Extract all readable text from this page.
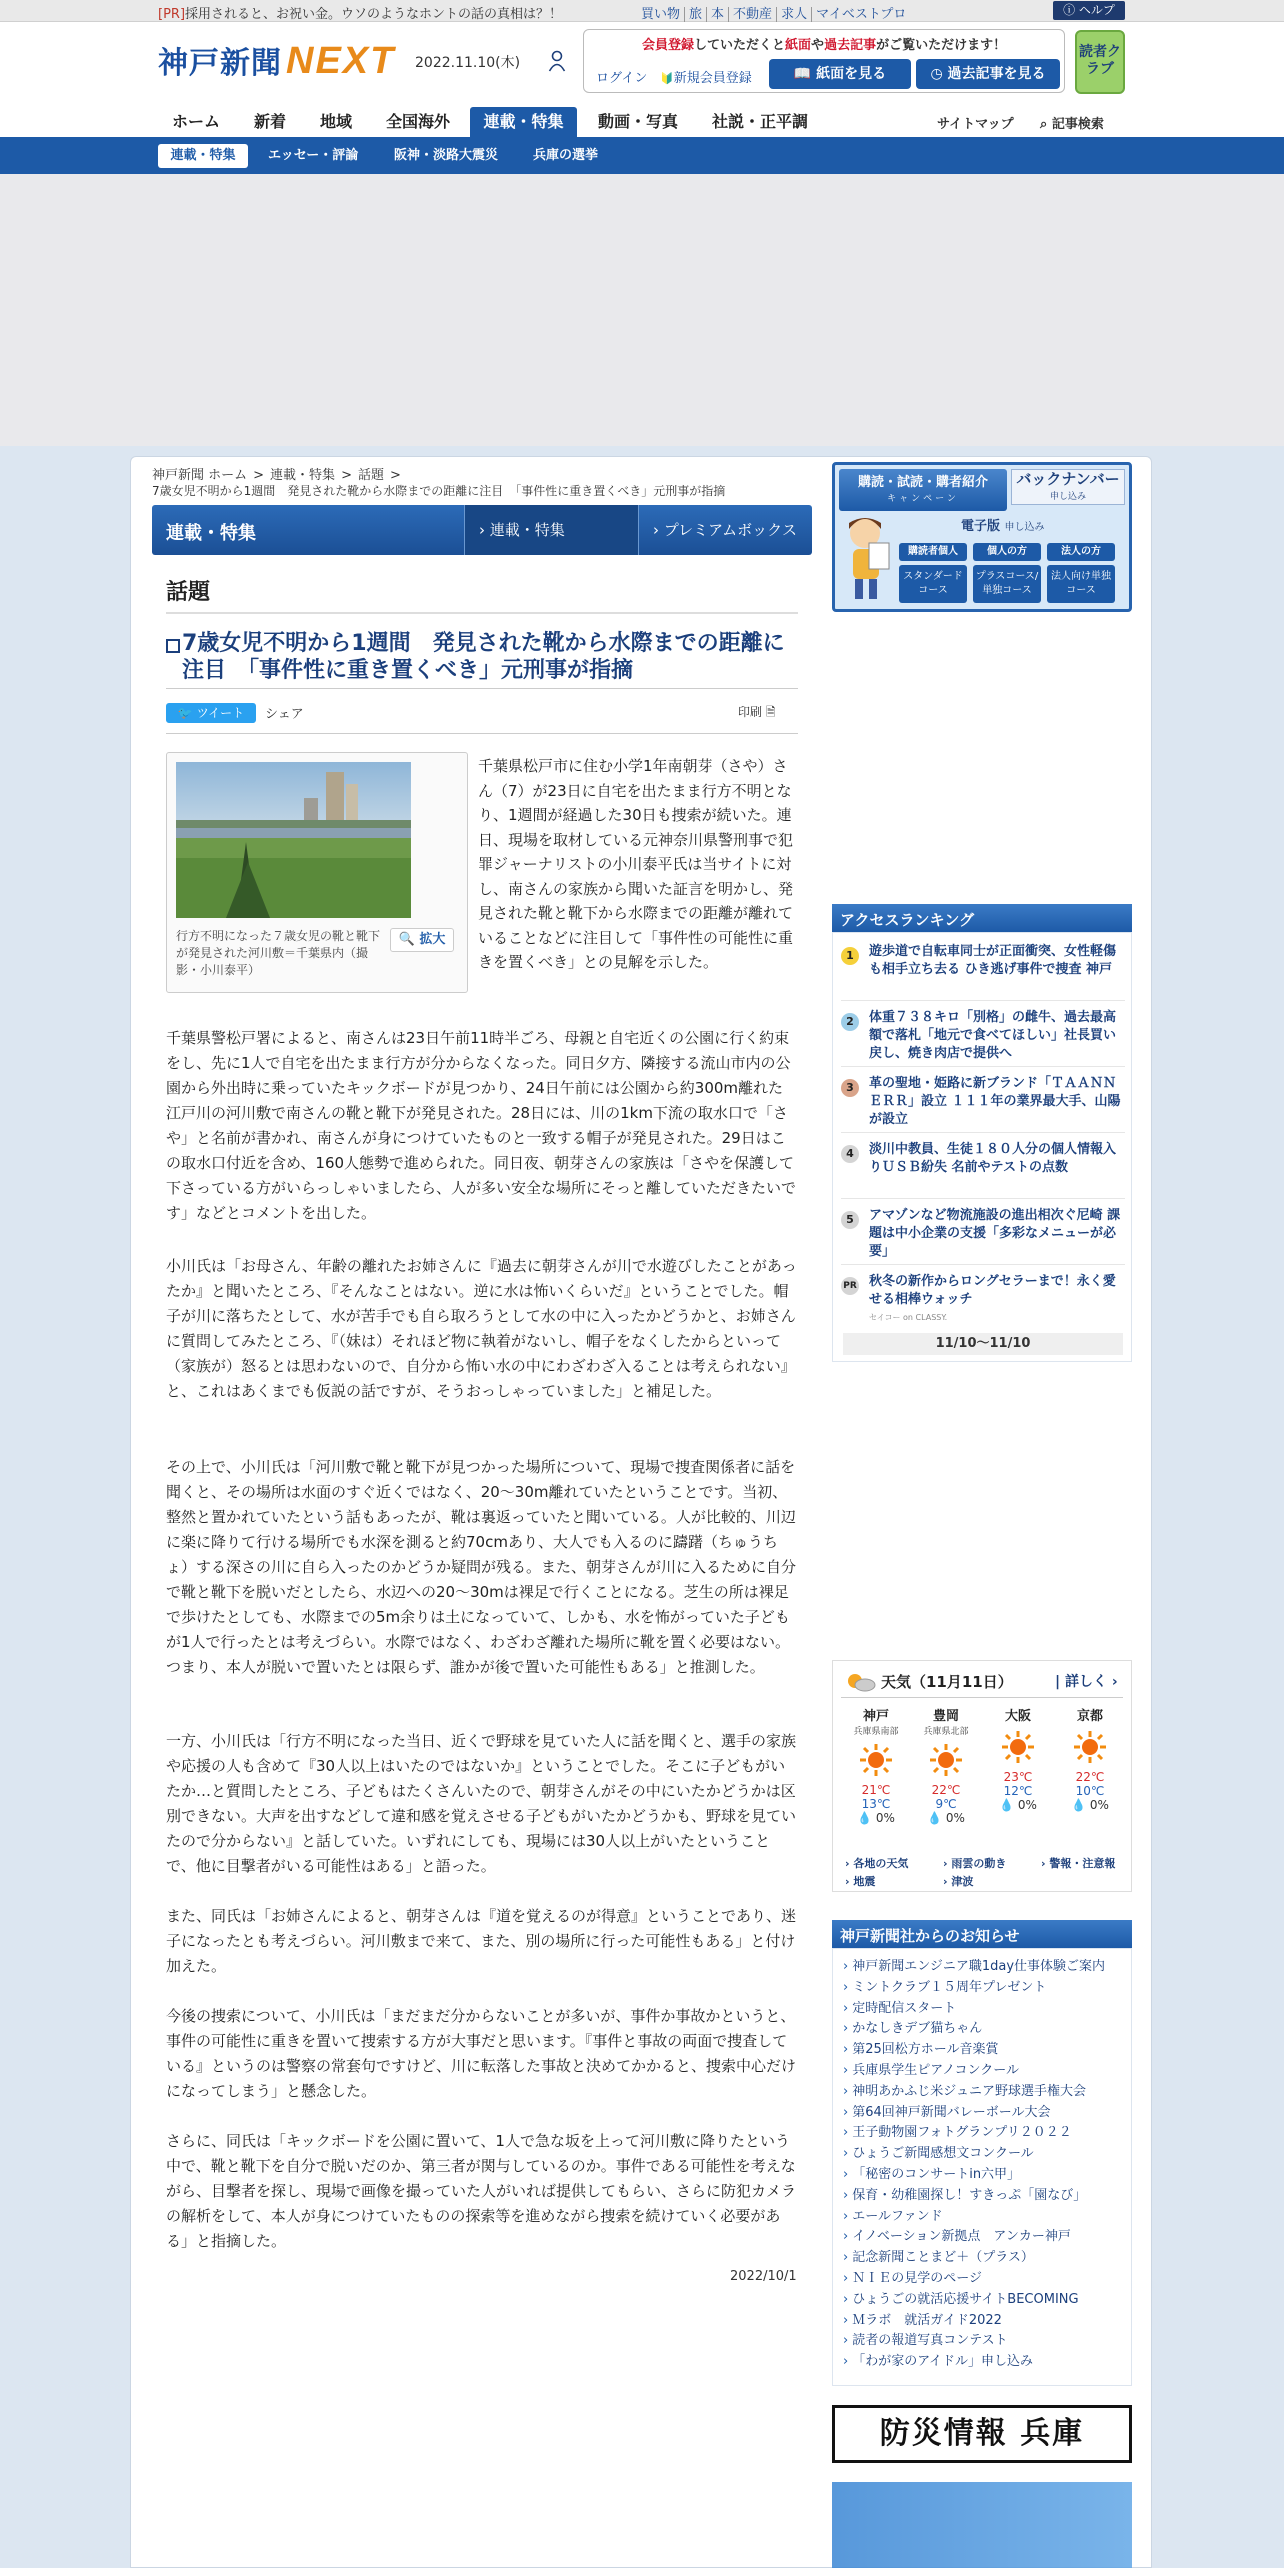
[PR]採用されると、お祝い金。ウソのようなホントの話の真相は？！	買い物 旅 本 不動産 求人 マイベストプロ	ⓘ ヘルプ
神戸新聞 NEXT 2022.11.10(木)
会員登録していただくと紙面や過去記事がご覧いただけます！
ログイン
🔰	新規会員登録	📖 紙面を見る	◷ 過去記事を見る
読者クラブ
ホーム 新着 地域 全国海外	連載・特集	動画・写真 社説・正平調	サイトマップ ⌕ 記事検索
連載・特集	エッセー・評論	阪神・淡路大震災	兵庫の選挙
神戸新聞 ホーム > 連載・特集 > 話題 >
7歳女児不明から1週間　発見された靴から水際までの距離に注目　「事件性に重き置くべき」元刑事が指摘
連載・特集	› 連載・特集	› プレミアムボックス
話題
7歳女児不明から1週間　発見された靴から水際までの距離に注目　「事件性に重き置くべき」元刑事が指摘
🐦 ツイート	シェア	印刷 🗎
行方不明になった７歳女児の靴と靴下が発見された河川敷＝千葉県内（撮影・小川泰平）
🔍 拡大

千葉県松戸市に住む小学1年南朝芽（さや）さん（7）が23日に自宅を出たまま行方不明となり、1週間が経過した30日も捜索が続いた。連日、現場を取材している元神奈川県警刑事で犯罪ジャーナリストの小川泰平氏は当サイトに対し、南さんの家族から聞いた証言を明かし、発見された靴と靴下から水際までの距離が離れていることなどに注目して「事件性の可能性に重きを置くべき」との見解を示した。

千葉県警松戸署によると、南さんは23日午前11時半ごろ、母親と自宅近くの公園に行く約束をし、先に1人で自宅を出たまま行方が分からなくなった。同日夕方、隣接する流山市内の公園から外出時に乗っていたキックボードが見つかり、24日午前には公園から約300m離れた江戸川の河川敷で南さんの靴と靴下が発見された。28日には、川の1km下流の取水口で「さや」と名前が書かれ、南さんが身につけていたものと一致する帽子が発見された。29日はこの取水口付近を含め、160人態勢で進められた。同日夜、朝芽さんの家族は「さやを保護して下さっている方がいらっしゃいましたら、人が多い安全な場所にそっと離していただきたいです」などとコメントを出した。

小川氏は「お母さん、年齢の離れたお姉さんに『過去に朝芽さんが川で水遊びしたことがあったか』と聞いたところ、『そんなことはない。逆に水は怖いくらいだ』ということでした。帽子が川に落ちたとして、水が苦手でも自ら取ろうとして水の中に入ったかどうかと、お姉さんに質問してみたところ、『（妹は）それほど物に執着がないし、帽子をなくしたからといって（家族が）怒るとは思わないので、自分から怖い水の中にわざわざ入ることは考えられない』と、これはあくまでも仮説の話ですが、そうおっしゃっていました」と補足した。

その上で、小川氏は「河川敷で靴と靴下が見つかった場所について、現場で捜査関係者に話を聞くと、その場所は水面のすぐ近くではなく、20～30m離れていたということです。当初、整然と置かれていたという話もあったが、靴は裏返っていたと聞いている。人が比較的、川辺に楽に降りて行ける場所でも水深を測ると約70cmあり、大人でも入るのに躊躇（ちゅうちょ）する深さの川に自ら入ったのかどうか疑問が残る。また、朝芽さんが川に入るために自分で靴と靴下を脱いだとしたら、水辺への20～30mは裸足で行くことになる。芝生の所は裸足で歩けたとしても、水際までの5m余りは土になっていて、しかも、水を怖がっていた子どもが1人で行ったとは考えづらい。水際ではなく、わざわざ離れた場所に靴を置く必要はない。つまり、本人が脱いで置いたとは限らず、誰かが後で置いた可能性もある」と推測した。

一方、小川氏は「行方不明になった当日、近くで野球を見ていた人に話を聞くと、選手の家族や応援の人も含めて『30人以上はいたのではないか』ということでした。そこに子どもがいたか…と質問したところ、子どもはたくさんいたので、朝芽さんがその中にいたかどうかは区別できない。大声を出すなどして違和感を覚えさせる子どもがいたかどうかも、野球を見ていたので分からない』と話していた。いずれにしても、現場には30人以上がいたということで、他に目撃者がいる可能性はある」と語った。

また、同氏は「お姉さんによると、朝芽さんは『道を覚えるのが得意』ということであり、迷子になったとも考えづらい。河川敷まで来て、また、別の場所に行った可能性もある」と付け加えた。

今後の捜索について、小川氏は「まだまだ分からないことが多いが、事件か事故かというと、事件の可能性に重きを置いて捜索する方が大事だと思います。『事件と事故の両面で捜査している』というのは警察の常套句ですけど、川に転落した事故と決めてかかると、捜索中心だけになってしまう」と懸念した。

さらに、同氏は「キックボードを公園に置いて、1人で急な坂を上って河川敷に降りたという中で、靴と靴下を自分で脱いだのか、第三者が関与しているのか。事件である可能性を考えながら、目撃者を探し、現場で画像を撮っていた人がいれば提供してもらい、さらに防犯カメラの解析をして、本人が身につけていたものの探索等を進めながら捜索を続けていく必要がある」と指摘した。

2022/10/1
購読・試読・購者紹介
キャンペーン
バックナンバー
申し込み
電子版 申し込み
購読者個人	個人の方	法人の方
スタンダードコース
プラスコース/単独コース
法人向け単独コース
アクセスランキング
1	遊歩道で自転車同士が正面衝突、女性軽傷も相手立ち去る ひき逃げ事件で捜査 神戸
2	体重７３８キロ「別格」の雌牛、過去最高額で落札「地元で食べてほしい」社長買い戻し、焼き肉店で提供へ
3	革の聖地・姫路に新ブランド「ＴＡＡＮＮＥＲＲ」設立 １１１年の業界最大手、山陽が設立
4	淡川中教員、生徒１８０人分の個人情報入りＵＳＢ紛失 名前やテストの点数
5	アマゾンなど物流施設の進出相次ぐ尼崎 課題は中小企業の支援「多彩なメニューが必要」
PR 秋冬の新作からロングセラーまで！永く愛せる相棒ウォッチ
セイコー on CLASSY.
11/10～11/10
天気（11月11日）	| 詳しく ›
神戸
兵庫県南部
21℃
13℃
💧 0%
豊岡
兵庫県北部
22℃
9℃
💧 0%
大阪
23℃
12℃
💧 0%
京都
22℃
10℃
💧 0%
› 各地の天気	› 雨雲の動き	› 警報・注意報
› 地震	› 津波
神戸新聞社からのお知らせ
› 神戸新聞エンジニア職1day仕事体験ご案内
› ミントクラブ１５周年プレゼント
› 定時配信スタート
› かなしきデブ猫ちゃん
› 第25回松方ホール音楽賞
› 兵庫県学生ピアノコンクール
› 神明あかふじ米ジュニア野球選手権大会
› 第64回神戸新聞バレーボール大会
› 王子動物園フォトグランプリ２０２２
› ひょうご新聞感想文コンクール
› 「秘密のコンサートin六甲」
› 保育・幼稚園探し！すきっぷ「園なび」
› エールファンド
› イノベーション新拠点　アンカー神戸
› 記念新聞ことまど＋（プラス）
› ＮＩＥの見学のページ
› ひょうごの就活応援サイトBECOMING
› Ｍラボ　就活ガイド2022
› 読者の報道写真コンテスト
› 「わが家のアイドル」申し込み
防災情報 兵庫
